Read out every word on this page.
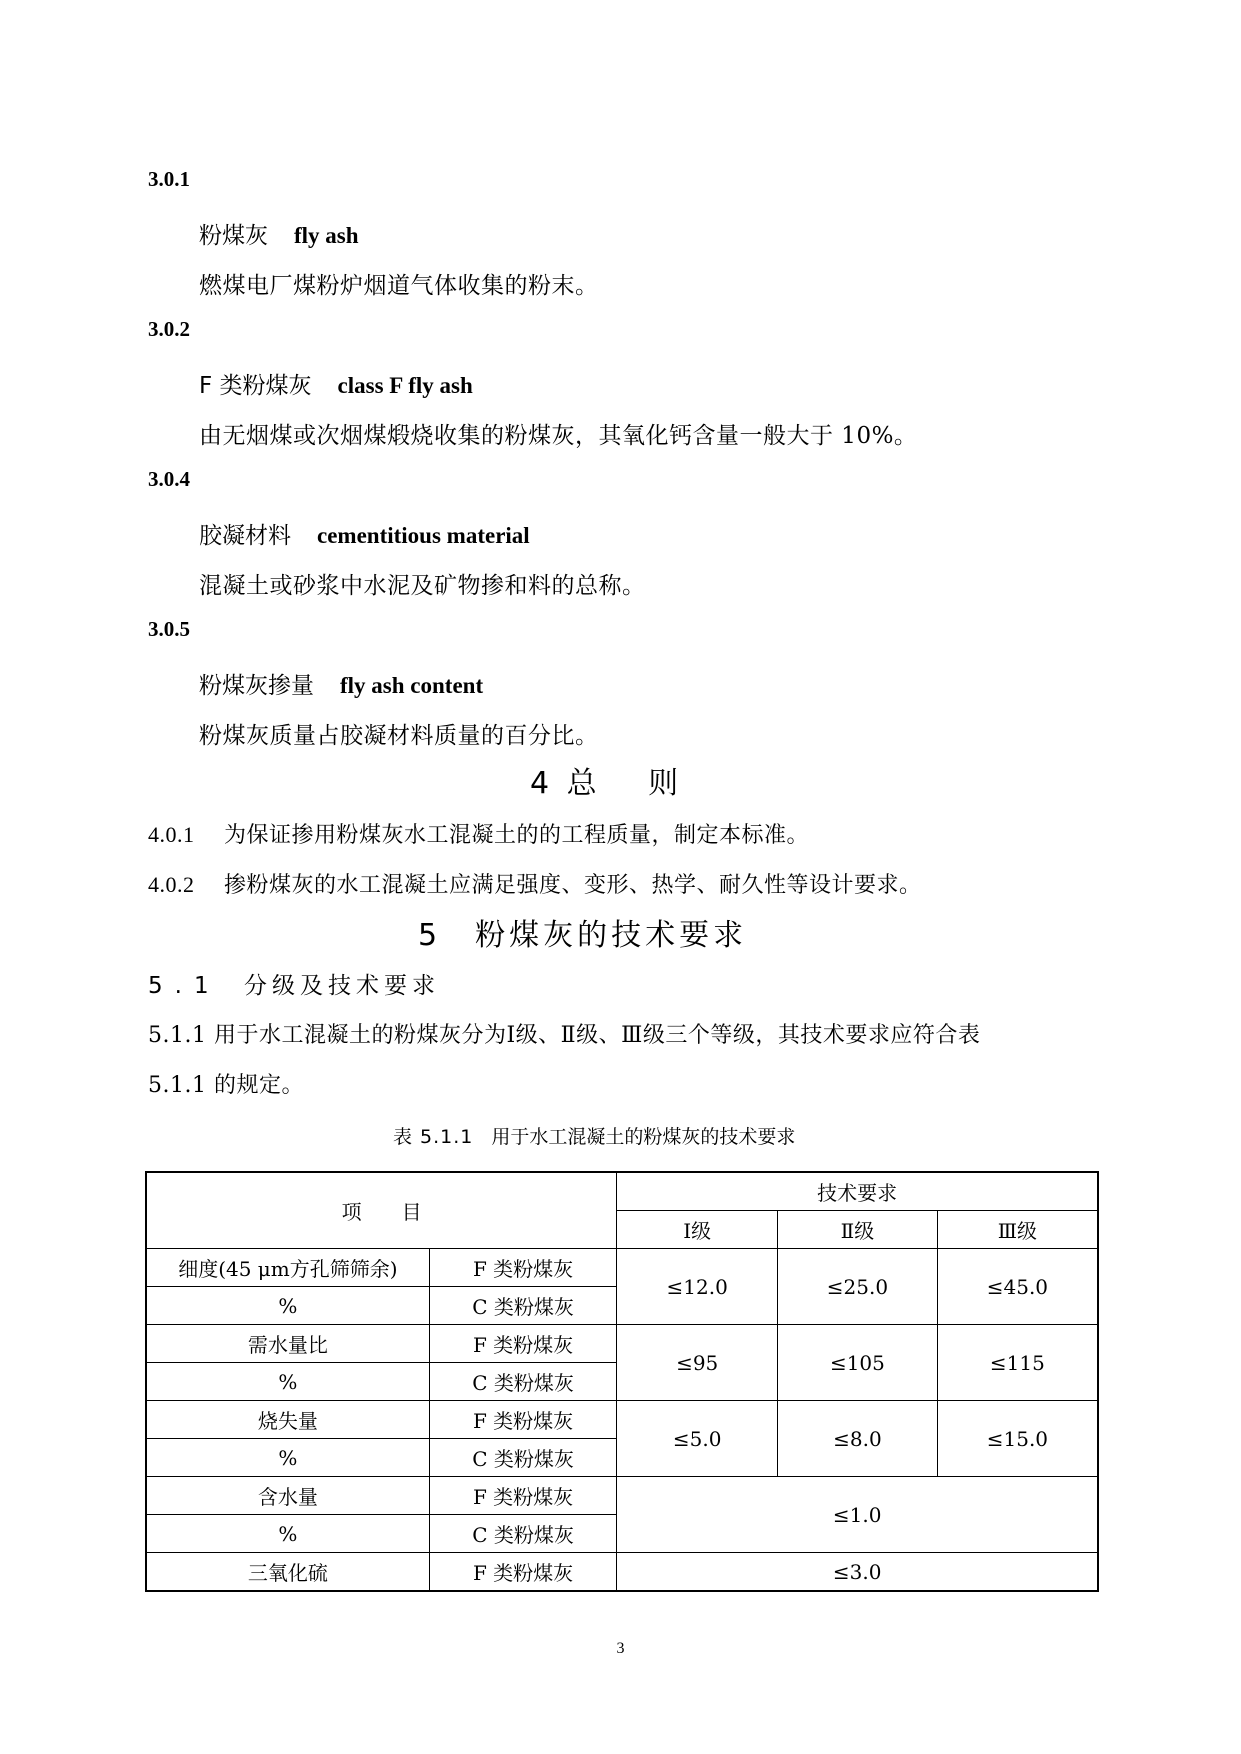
3.0.1
粉煤灰 fly ash
燃煤电厂煤粉炉烟道气体收集的粉末。
3.0.2
F 类粉煤灰 class F fly ash
由无烟煤或次烟煤煅烧收集的粉煤灰，其氧化钙含量一般大于 10%。
3.0.4
胶凝材料 cementitious material
混凝土或砂浆中水泥及矿物掺和料的总称。
3.0.5
粉煤灰掺量 fly ash content
粉煤灰质量占胶凝材料质量的百分比。
4 总　 则
4.0.1 为保证掺用粉煤灰水工混凝土的的工程质量，制定本标准。
4.0.2 掺粉煤灰的水工混凝土应满足强度、变形、热学、耐久性等设计要求。
5　粉煤灰的技术要求
5.1 分级及技术要求
5.1.1 用于水工混凝土的粉煤灰分为Ⅰ级、Ⅱ级、Ⅲ级三个等级，其技术要求应符合表
5.1.1 的规定。
表 5.1.1 用于水工混凝土的粉煤灰的技术要求
项　　目		技术要求		
		Ⅰ级	Ⅱ级	Ⅲ级
细度(45 μm方孔筛筛余)	F 类粉煤灰	≤12.0	≤25.0	≤45.0
%	C 类粉煤灰			
需水量比	F 类粉煤灰	≤95	≤105	≤115
%	C 类粉煤灰			
烧失量	F 类粉煤灰	≤5.0	≤8.0	≤15.0
%	C 类粉煤灰			
含水量	F 类粉煤灰	≤1.0		
%	C 类粉煤灰			
三氧化硫	F 类粉煤灰	≤3.0		
3
